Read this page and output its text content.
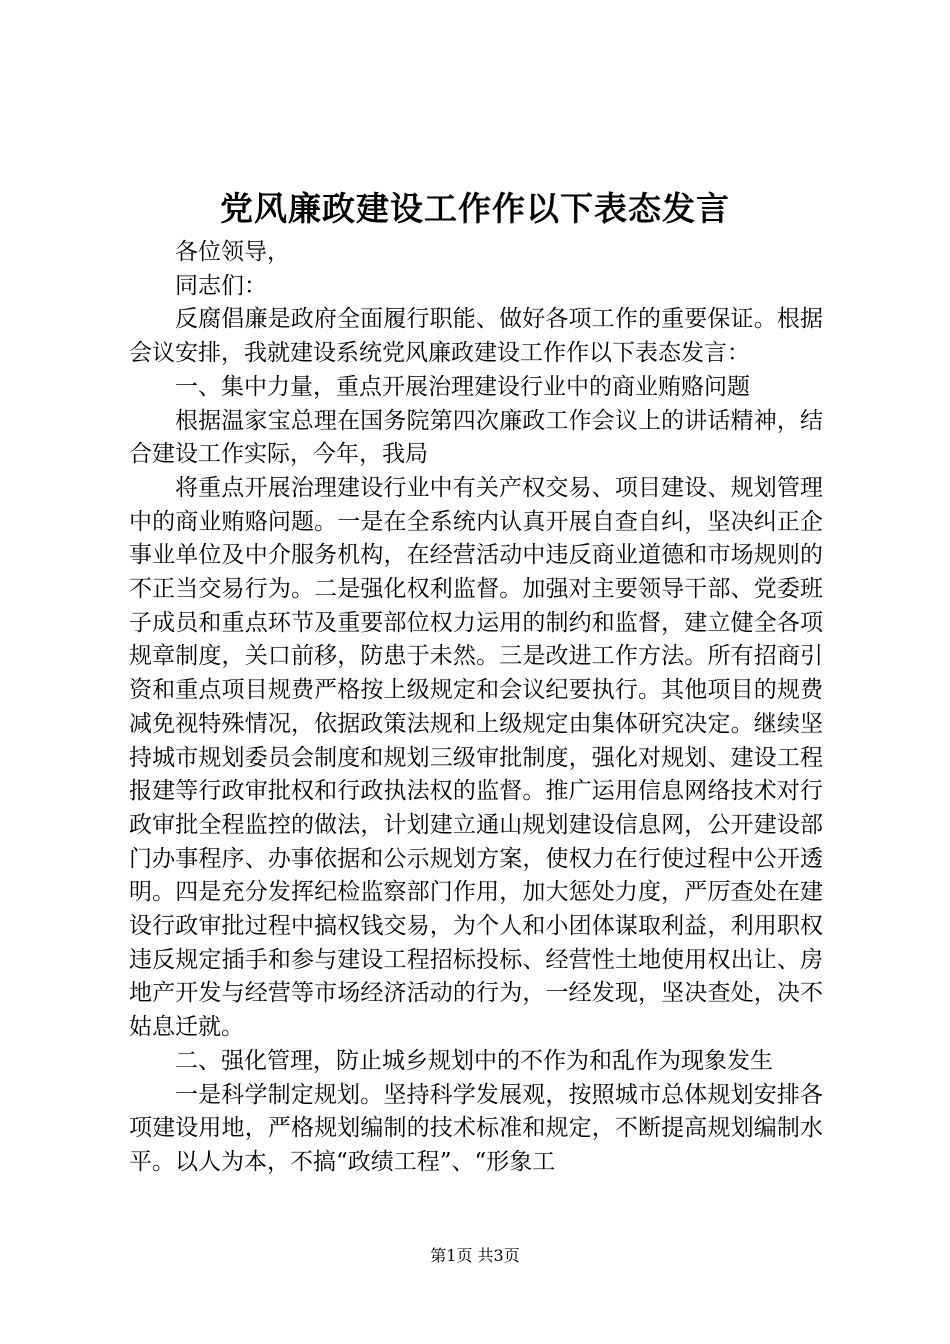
党风廉政建设工作作以下表态发言

各位领导，

同志们：

反腐倡廉是政府全面履行职能、做好各项工作的重要保证。根据会议安排，我就建设系统党风廉政建设工作作以下表态发言：

一、集中力量，重点开展治理建设行业中的商业贿赂问题

根据温家宝总理在国务院第四次廉政工作会议上的讲话精神，结合建设工作实际，今年，我局

将重点开展治理建设行业中有关产权交易、项目建设、规划管理中的商业贿赂问题。一是在全系统内认真开展自查自纠，坚决纠正企事业单位及中介服务机构，在经营活动中违反商业道德和市场规则的不正当交易行为。二是强化权利监督。加强对主要领导干部、党委班子成员和重点环节及重要部位权力运用的制约和监督，建立健全各项规章制度，关口前移，防患于未然。三是改进工作方法。所有招商引资和重点项目规费严格按上级规定和会议纪要执行。其他项目的规费减免视特殊情况，依据政策法规和上级规定由集体研究决定。继续坚持城市规划委员会制度和规划三级审批制度，强化对规划、建设工程报建等行政审批权和行政执法权的监督。推广运用信息网络技术对行政审批全程监控的做法，计划建立通山规划建设信息网，公开建设部门办事程序、办事依据和公示规划方案，使权力在行使过程中公开透明。四是充分发挥纪检监察部门作用，加大惩处力度，严厉查处在建设行政审批过程中搞权钱交易，为个人和小团体谋取利益，利用职权违反规定插手和参与建设工程招标投标、经营性土地使用权出让、房地产开发与经营等市场经济活动的行为，一经发现，坚决查处，决不姑息迁就。

二、强化管理，防止城乡规划中的不作为和乱作为现象发生

一是科学制定规划。坚持科学发展观，按照城市总体规划安排各项建设用地，严格规划编制的技术标准和规定，不断提高规划编制水平。以人为本，不搞“政绩工程”、“形象工

第1页 共3页
